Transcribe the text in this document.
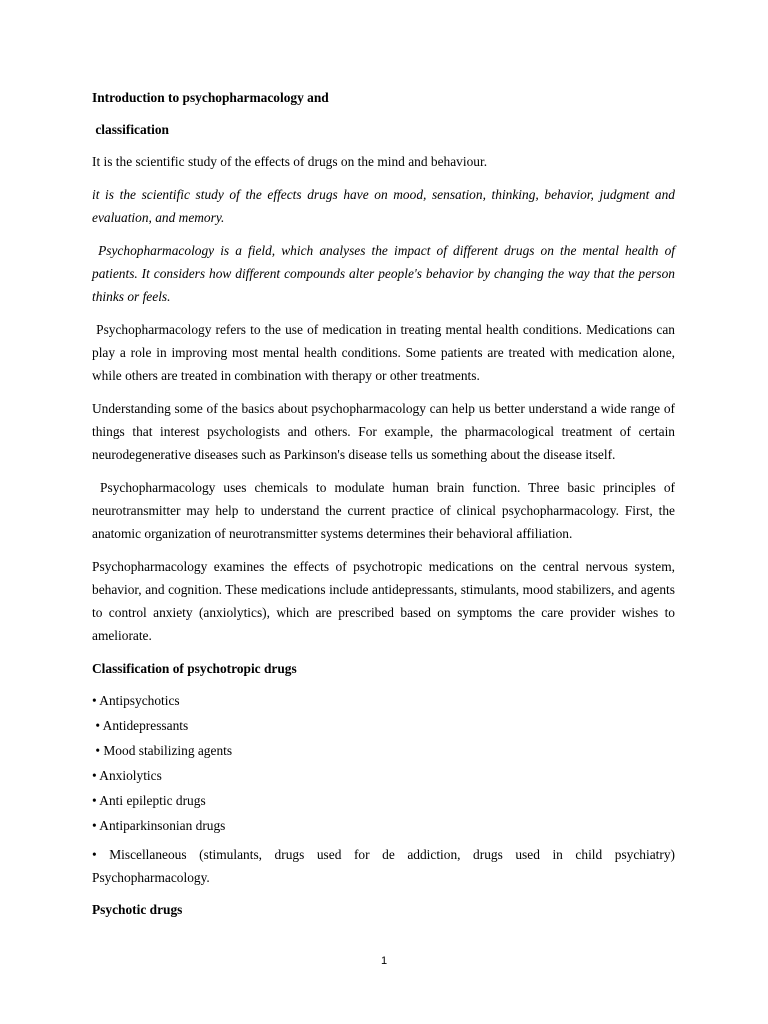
Introduction to psychopharmacology and

classification

It is the scientific study of the effects of drugs on the mind and behaviour.

it is the scientific study of the effects drugs have on mood, sensation, thinking, behavior, judgment and evaluation, and memory.

Psychopharmacology is a field, which analyses the impact of different drugs on the mental health of patients. It considers how different compounds alter people's behavior by changing the way that the person thinks or feels.

Psychopharmacology refers to the use of medication in treating mental health conditions. Medications can play a role in improving most mental health conditions. Some patients are treated with medication alone, while others are treated in combination with therapy or other treatments.

Understanding some of the basics about psychopharmacology can help us better understand a wide range of things that interest psychologists and others. For example, the pharmacological treatment of certain neurodegenerative diseases such as Parkinson's disease tells us something about the disease itself.

Psychopharmacology uses chemicals to modulate human brain function. Three basic principles of neurotransmitter may help to understand the current practice of clinical psychopharmacology. First, the anatomic organization of neurotransmitter systems determines their behavioral affiliation.

Psychopharmacology examines the effects of psychotropic medications on the central nervous system, behavior, and cognition. These medications include antidepressants, stimulants, mood stabilizers, and agents to control anxiety (anxiolytics), which are prescribed based on symptoms the care provider wishes to ameliorate.

Classification of psychotropic drugs

• Antipsychotics
• Antidepressants
• Mood stabilizing agents
• Anxiolytics
• Anti epileptic drugs
• Antiparkinsonian drugs
• Miscellaneous (stimulants, drugs used for de addiction, drugs used in child psychiatry) Psychopharmacology.

Psychotic drugs

1
